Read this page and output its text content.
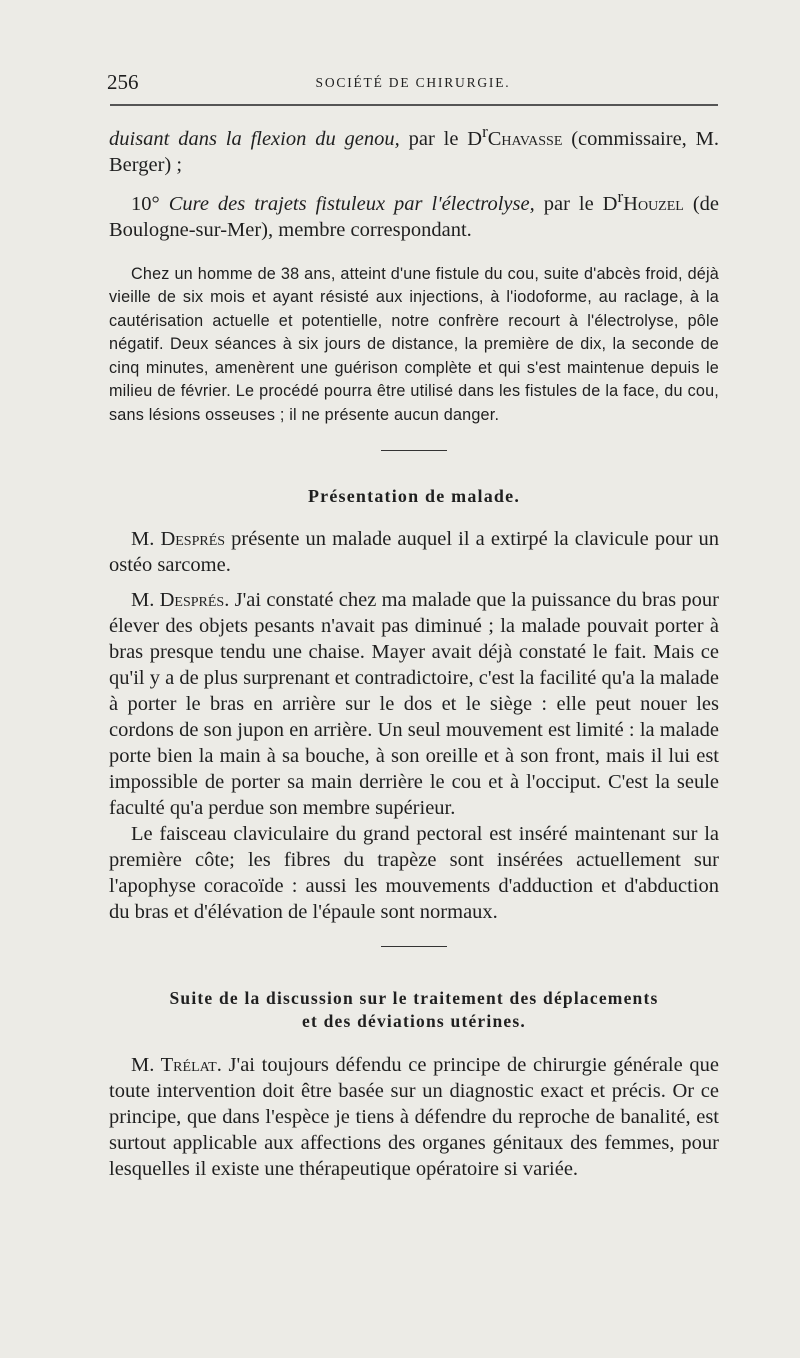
256	SOCIÉTÉ DE CHIRURGIE.

duisant dans la flexion du genou, par le $D^rChavasse$ (commissaire, M. Berger) ;

10° Cure des trajets fistuleux par l'électrolyse, par le $D^rHouzel$ (de Boulogne-sur-Mer), membre correspondant.

Chez un homme de 38 ans, atteint d'une fistule du cou, suite d'abcès froid, déjà vieille de six mois et ayant résisté aux injections, à l'iodoforme, au raclage, à la cautérisation actuelle et potentielle, notre confrère recourt à l'électrolyse, pôle négatif. Deux séances à six jours de distance, la première de dix, la seconde de cinq minutes, amenèrent une guérison complète et qui s'est maintenue depuis le milieu de février. Le procédé pourra être utilisé dans les fistules de la face, du cou, sans lésions osseuses ; il ne présente aucun danger.

Présentation de malade.

M. Després présente un malade auquel il a extirpé la clavicule pour un ostéo sarcome.

M. Després. J'ai constaté chez ma malade que la puissance du bras pour élever des objets pesants n'avait pas diminué ; la malade pouvait porter à bras presque tendu une chaise. Mayer avait déjà constaté le fait. Mais ce qu'il y a de plus surprenant et contradictoire, c'est la facilité qu'a la malade à porter le bras en arrière sur le dos et le siège : elle peut nouer les cordons de son jupon en arrière. Un seul mouvement est limité : la malade porte bien la main à sa bouche, à son oreille et à son front, mais il lui est impossible de porter sa main derrière le cou et à l'occiput. C'est la seule faculté qu'a perdue son membre supérieur.

Le faisceau claviculaire du grand pectoral est inséré maintenant sur la première côte; les fibres du trapèze sont insérées actuellement sur l'apophyse coracoïde : aussi les mouvements d'adduction et d'abduction du bras et d'élévation de l'épaule sont normaux.

Suite de la discussion sur le traitement des déplacements
et des déviations utérines.

M. Trélat. J'ai toujours défendu ce principe de chirurgie générale que toute intervention doit être basée sur un diagnostic exact et précis. Or ce principe, que dans l'espèce je tiens à défendre du reproche de banalité, est surtout applicable aux affections des organes génitaux des femmes, pour lesquelles il existe une thérapeutique opératoire si variée.
